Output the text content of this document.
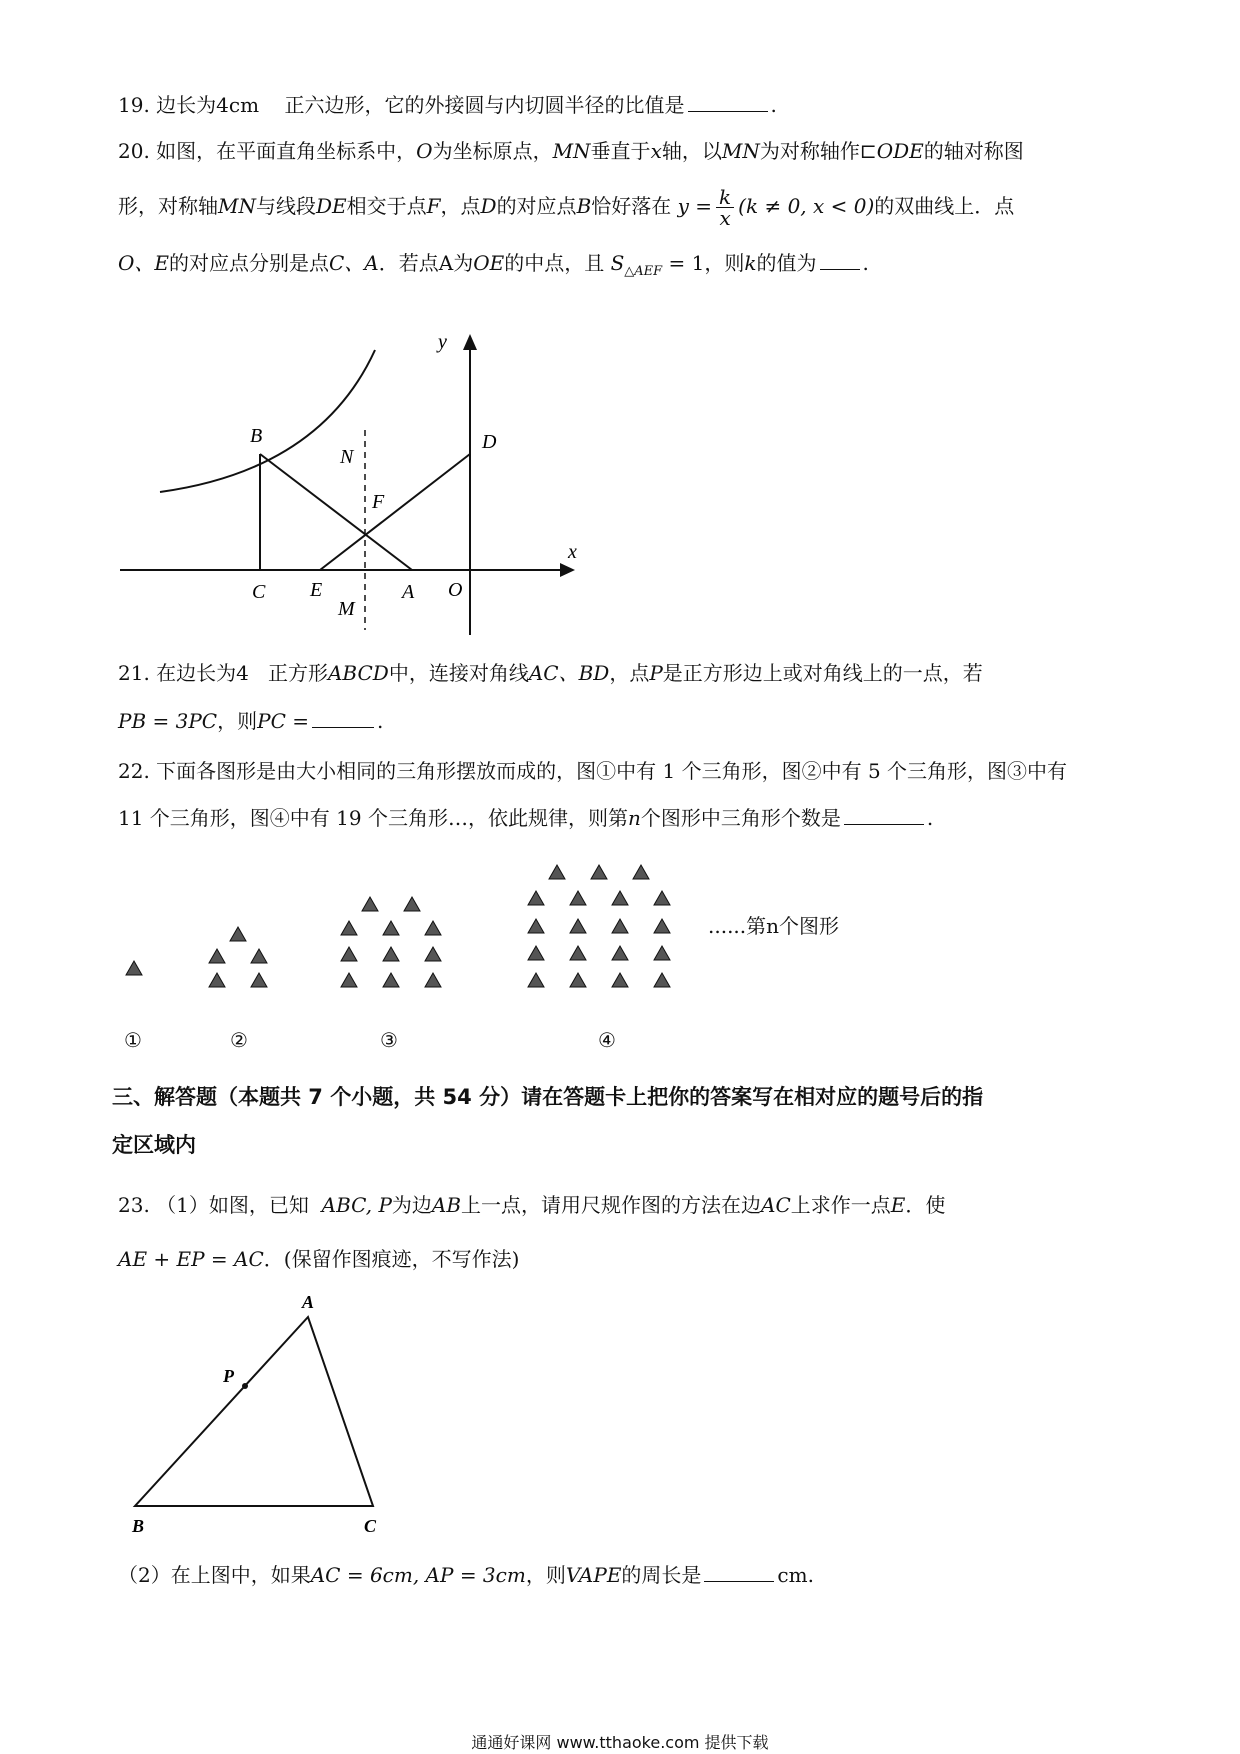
19. 边长为4cm 正六边形，它的外接圆与内切圆半径的比值是	.
20. 如图，在平面直角坐标系中，O为坐标原点，MN垂直于x轴，以MN为对称轴作⊏ODE的轴对称图
形，对称轴MN与线段DE相交于点F，点D的对应点B恰好落在 $y = \frac{k}{x} (k \ne 0$, x < 0)的双曲线上．点
O、E的对应点分别是点C、A．若点A为OE的中点，且 $S_{\triangle AEF} = 1$，则k的值为 .
y
x
B
N
F
D
C E	A O
M
21. 在边长为4 正方形ABCD中，连接对角线AC、BD，点P是正方形边上或对角线上的一点，若
PB = 3PC，则PC =	.
22. 下面各图形是由大小相同的三角形摆放而成的，图①中有 1 个三角形，图②中有 5 个三角形，图③中有
11 个三角形，图④中有 19 个三角形…，依此规律，则第n个图形中三角形个数是	.
......第n个图形
①	②	③	④
三、解答题（本题共 7 个小题，共 54 分）请在答题卡上把你的答案写在相对应的题号后的指
定区域内
23. （1）如图，已知 ABC, P为边AB上一点，请用尺规作图的方法在边AC上求作一点E．使
AE + EP = AC．(保留作图痕迹，不写作法)
A
P
B	C
（2）在上图中，如果AC = 6cm, AP = 3cm，则VAPE的周长是	cm.
通通好课网 www.tthaoke.com 提供下载
